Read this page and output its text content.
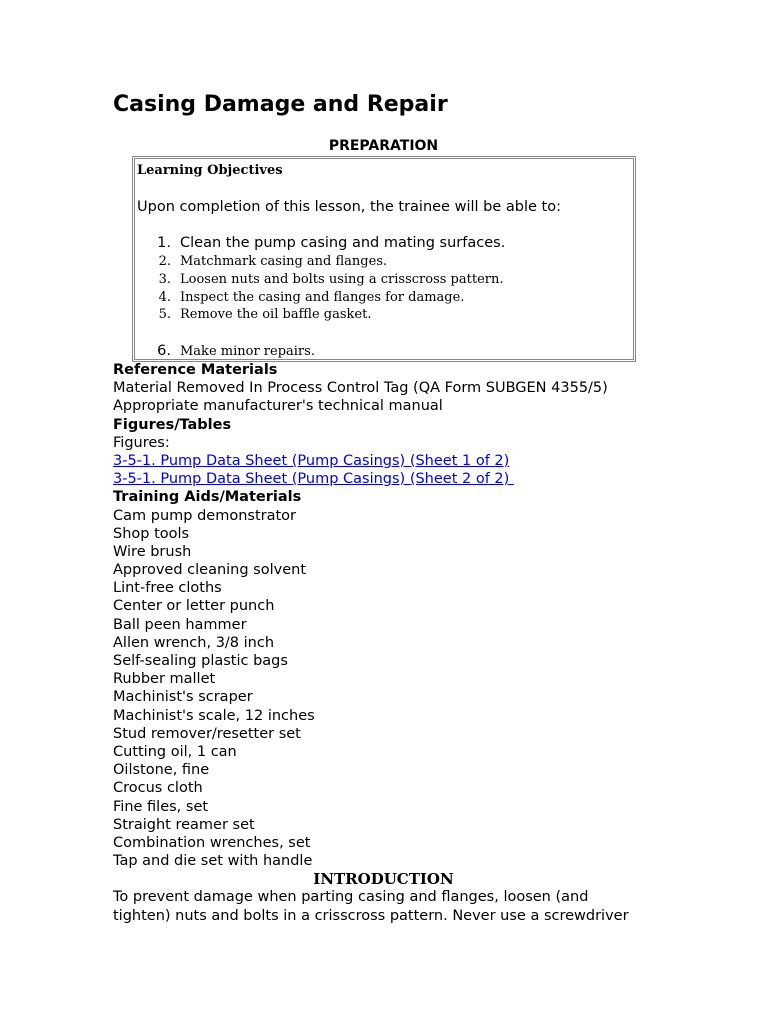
Casing Damage and Repair
PREPARATION
Learning Objectives
Upon completion of this lesson, the trainee will be able to:
1. Clean the pump casing and mating surfaces.
2. Matchmark casing and flanges.
3. Loosen nuts and bolts using a crisscross pattern.
4. Inspect the casing and flanges for damage.
5. Remove the oil baffle gasket.
6. Make minor repairs.
Reference Materials
Material Removed In Process Control Tag (QA Form SUBGEN 4355/5)
Appropriate manufacturer's technical manual
Figures/Tables
Figures:
3-5-1. Pump Data Sheet (Pump Casings) (Sheet 1 of 2)
3-5-1. Pump Data Sheet (Pump Casings) (Sheet 2 of 2)
Training Aids/Materials
Cam pump demonstrator
Shop tools
Wire brush
Approved cleaning solvent
Lint-free cloths
Center or letter punch
Ball peen hammer
Allen wrench, 3/8 inch
Self-sealing plastic bags
Rubber mallet
Machinist's scraper
Machinist's scale, 12 inches
Stud remover/resetter set
Cutting oil, 1 can
Oilstone, fine
Crocus cloth
Fine files, set
Straight reamer set
Combination wrenches, set
Tap and die set with handle
INTRODUCTION
To prevent damage when parting casing and flanges, loosen (and
tighten) nuts and bolts in a crisscross pattern. Never use a screwdriver
